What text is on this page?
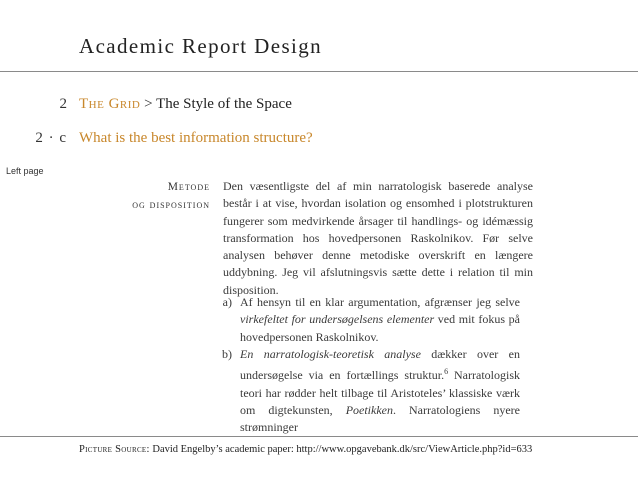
Academic Report Design
2 The Grid > The Style of the Space
2 · c What is the best information structure?
Left page
Metode
og disposition
Den væsentligste del af min narratologisk baserede analyse består i at vise, hvordan isolation og ensomhed i plotstrukturen fungerer som medvirkende årsager til handlings- og idémæssig transformation hos hovedpersonen Raskolnikov. Før selve analysen behøver denne metodiske overskrift en længere uddybning. Jeg vil afslutningsvis sætte dette i relation til min disposition.
a) Af hensyn til en klar argumentation, afgrænser jeg selve virkefeltet for undersøgelsens elementer ved mit fokus på hovedpersonen Raskolnikov.
b) En narratologisk-teoretisk analyse dækker over en undersøgelse via en fortællings struktur.$^6$ Narratologisk teori har rødder helt tilbage til Aristoteles’ klassiske værk om digtekunsten, Poetikken. Narratologiens nyere strømninger
Picture Source: David Engelby’s academic paper: http://www.opgavebank.dk/src/ViewArticle.php?id=633
